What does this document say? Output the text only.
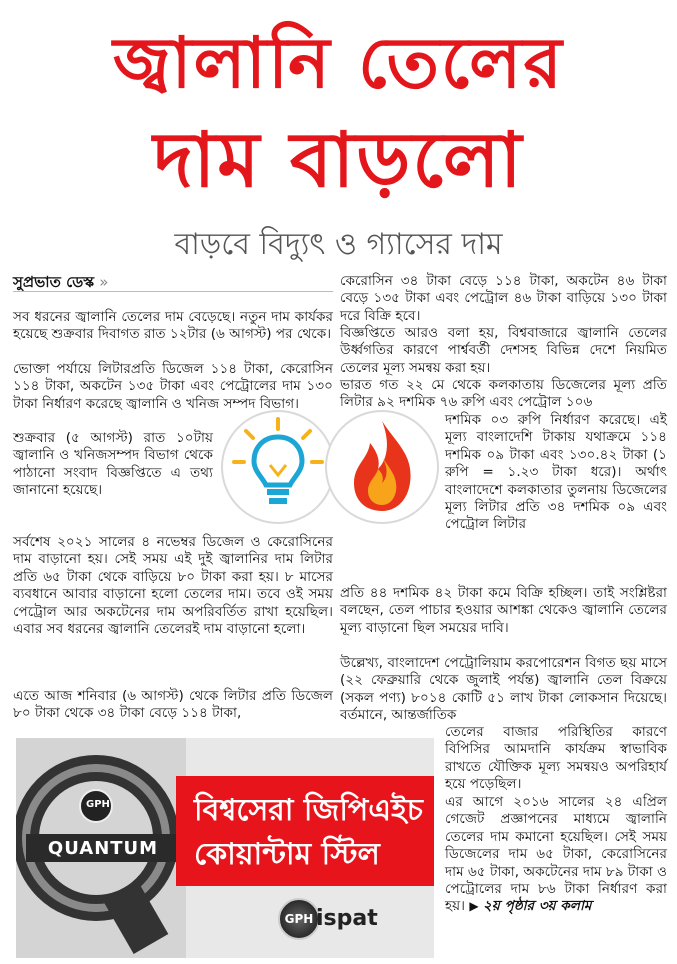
জ্বালানি তেলের
দাম বাড়লো
বাড়বে বিদ্যুৎ ও গ্যাসের দাম
সুপ্রভাত ডেস্ক »

সব ধরনের জ্বালানি তেলের দাম বেড়েছে। নতুন দাম কার্যকর হয়েছে শুক্রবার দিবাগত রাত ১২টার (৬ আগস্ট) পর থেকে।

ভোক্তা পর্যায়ে লিটারপ্রতি ডিজেল ১১৪ টাকা, কেরোসিন ১১৪ টাকা, অকটেন ১৩৫ টাকা এবং পেট্রোলের দাম ১৩০ টাকা নির্ধারণ করেছে জ্বালানি ও খনিজ সম্পদ বিভাগ।

শুক্রবার (৫ আগস্ট) রাত ১০টায় জ্বালানি ও খনিজসম্পদ বিভাগ থেকে পাঠানো সংবাদ বিজ্ঞপ্তিতে এ তথ্য জানানো হয়েছে।

সর্বশেষ ২০২১ সালের ৪ নভেম্বর ডিজেল ও কেরোসিনের দাম বাড়ানো হয়। সেই সময় এই দুই জ্বালানির দাম লিটার প্রতি ৬৫ টাকা থেকে বাড়িয়ে ৮০ টাকা করা হয়। ৮ মাসের ব্যবধানে আবার বাড়ানো হলো তেলের দাম। তবে ওই সময় পেট্রোল আর অকটেনের দাম অপরিবর্তিত রাখা হয়েছিল। এবার সব ধরনের জ্বালানি তেলেরই দাম বাড়ানো হলো।

এতে আজ শনিবার (৬ আগস্ট) থেকে লিটার প্রতি ডিজেল ৮০ টাকা থেকে ৩৪ টাকা বেড়ে ১১৪ টাকা,

কেরোসিন ৩৪ টাকা বেড়ে ১১৪ টাকা, অকটেন ৪৬ টাকা বেড়ে ১৩৫ টাকা এবং পেট্রোল ৪৬ টাকা বাড়িয়ে ১৩০ টাকা দরে বিক্রি হবে।

বিজ্ঞপ্তিতে আরও বলা হয়, বিশ্ববাজারে জ্বালানি তেলের উর্ধ্বগতির কারণে পার্শ্ববর্তী দেশসহ বিভিন্ন দেশে নিয়মিত তেলের মূল্য সমন্বয় করা হয়।

ভারত গত ২২ মে থেকে কলকাতায় ডিজেলের মূল্য প্রতি লিটার ৯২ দশমিক ৭৬ রুপি এবং পেট্রোল ১০৬

দশমিক ০৩ রুপি নির্ধারণ করেছে। এই মূল্য বাংলাদেশি টাকায় যথাক্রমে ১১৪ দশমিক ০৯ টাকা এবং ১৩০.৪২ টাকা (১ রুপি = ১.২৩ টাকা ধরে)। অর্থাৎ বাংলাদেশে কলকাতার তুলনায় ডিজেলের মূল্য লিটার প্রতি ৩৪ দশমিক ০৯ এবং পেট্রোল লিটার

প্রতি ৪৪ দশমিক ৪২ টাকা কমে বিক্রি হচ্ছিল। তাই সংশ্লিষ্টরা বলছেন, তেল পাচার হওয়ার আশঙ্কা থেকেও জ্বালানি তেলের মূল্য বাড়ানো ছিল সময়ের দাবি।

উল্লেখ্য, বাংলাদেশ পেট্রোলিয়াম করপোরেশন বিগত ছয় মাসে (২২ ফেব্রুয়ারি থেকে জুলাই পর্যন্ত) জ্বালানি তেল বিক্রয়ে (সকল পণ্য) ৮০১৪ কোটি ৫১ লাখ টাকা লোকসান দিয়েছে। বর্তমানে, আন্তর্জাতিক

তেলের বাজার পরিস্থিতির কারণে বিপিসির আমদানি কার্যক্রম স্বাভাবিক রাখতে যৌক্তিক মূল্য সমন্বয়ও অপরিহার্য হয়ে পড়েছিল।

এর আগে ২০১৬ সালের ২৪ এপ্রিল গেজেট প্রজ্ঞাপনের মাধ্যমে জ্বালানি তেলের দাম কমানো হয়েছিল। সেই সময় ডিজেলের দাম ৬৫ টাকা, কেরোসিনের দাম ৬৫ টাকা, অকটেনের দাম ৮৯ টাকা ও পেট্রোলের দাম ৮৬ টাকা নির্ধারণ করা হয়। ▶ ২য় পৃষ্ঠার ৩য় কলাম

GPH
QUANTUM
বিশ্বসেরা জিপিএইচ
কোয়ান্টাম স্টিল
GPH ispat
